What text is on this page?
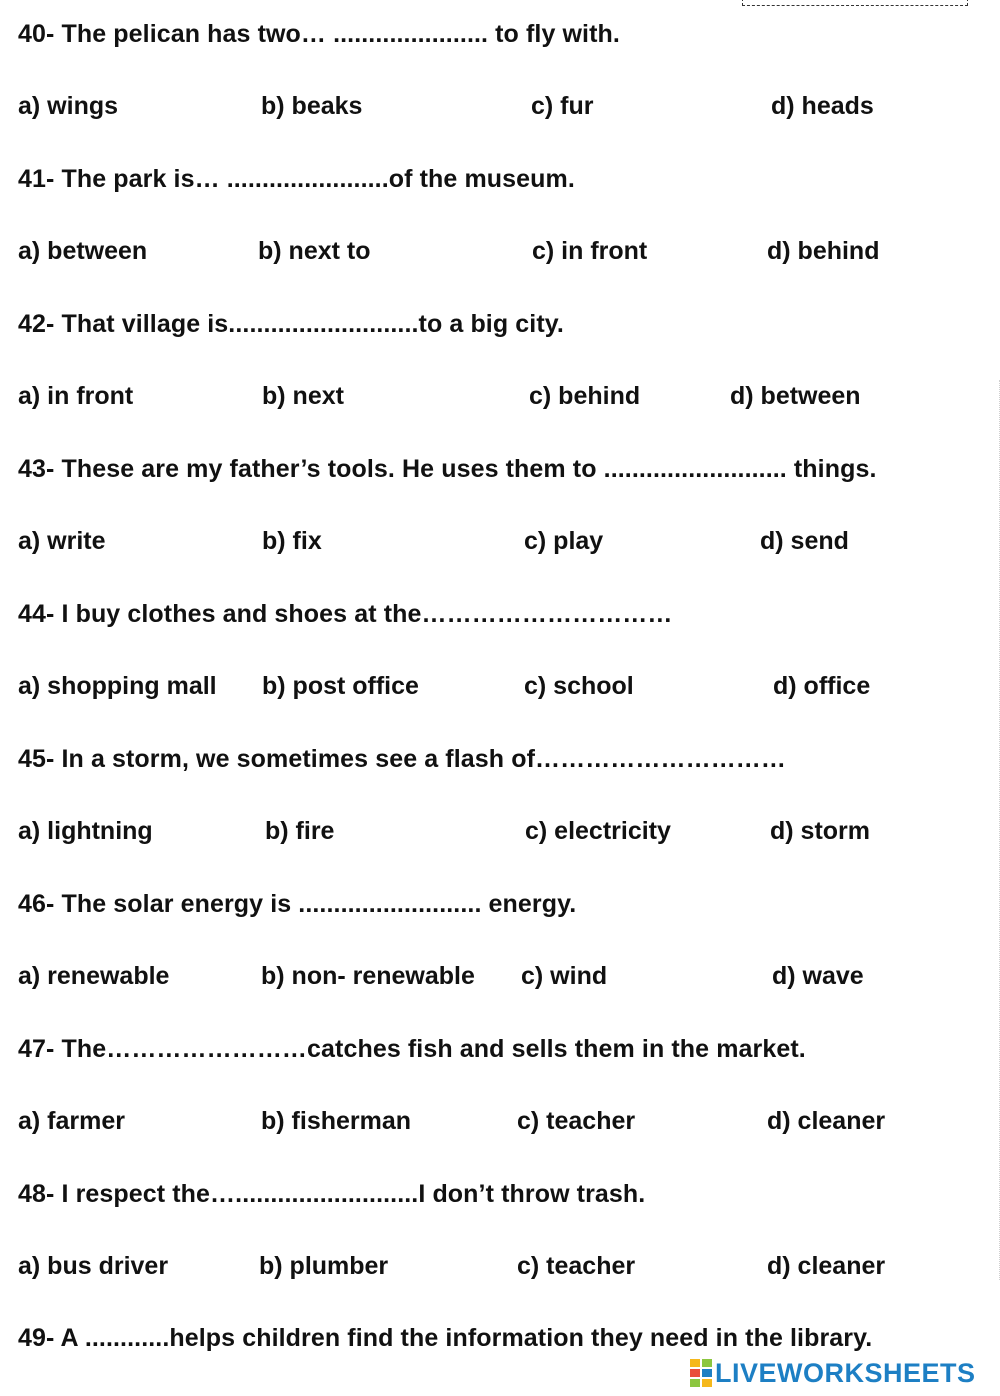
40- The pelican has two… ...................... to fly with.
a) wings	b) beaks	c) fur	d) heads
41- The park is… .......................of the museum.
a) between	b) next to	c) in front	d) behind
42- That village is...........................to a big city.
a) in front	b) next	c) behind	d) between
43- These are my father’s tools. He uses them to .......................... things.
a) write	b) fix	c) play	d) send
44- I buy clothes and shoes at the…………………………
a) shopping mall b) post office	c) school	d) office
45- In a storm, we sometimes see a flash of…………………………
a) lightning	b) fire	c) electricity	d) storm
46- The solar energy is .......................... energy.
a) renewable	b) non- renewable c) wind	d) wave
47- The……………………catches fish and sells them in the market.
a) farmer	b) fisherman	c) teacher	d) cleaner
48- I respect the…..........................I don’t throw trash.
a) bus driver	b) plumber	c) teacher	d) cleaner
49- A ............helps children find the information they need in the library.
LIVEWORKSHEETS
